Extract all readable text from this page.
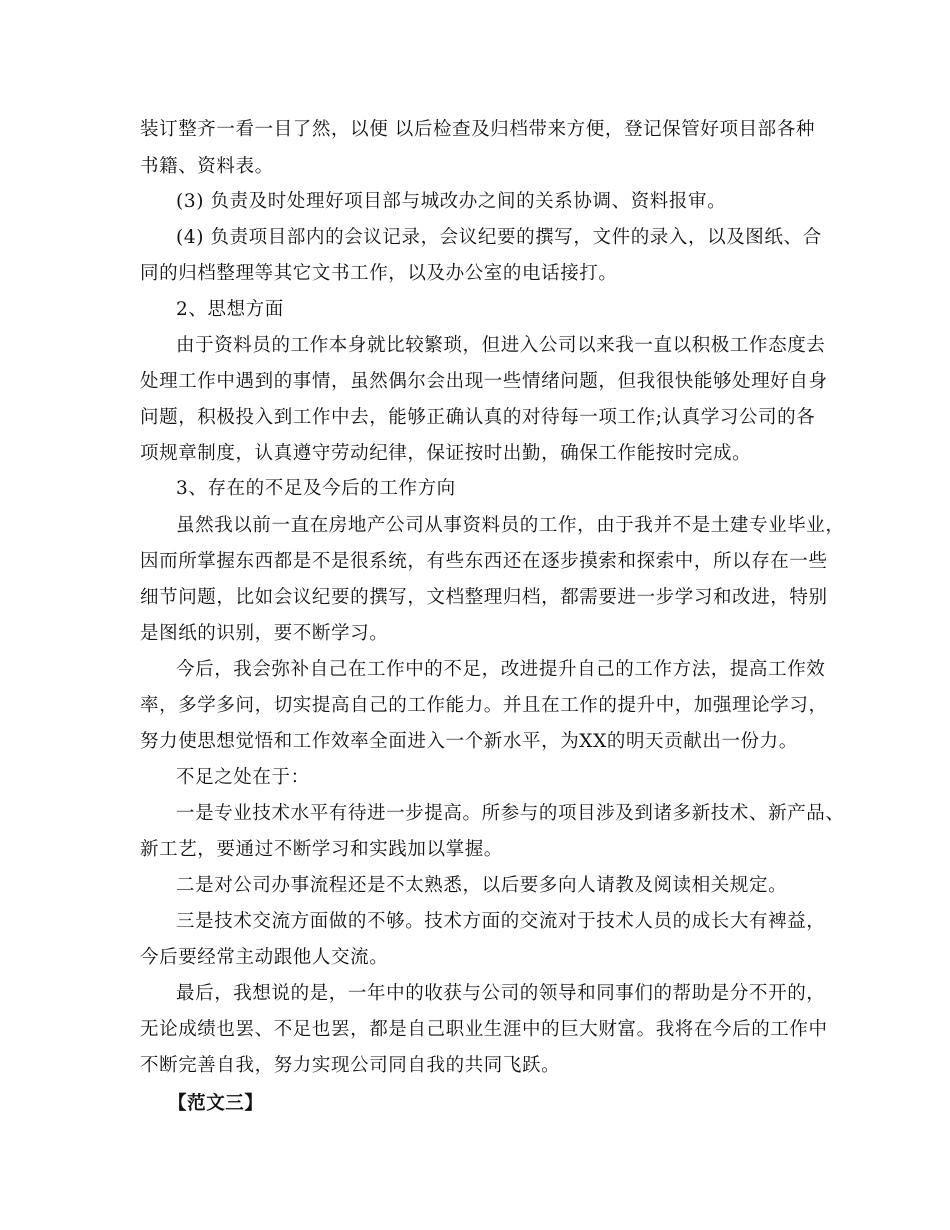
装订整齐一看一目了然，以便 以后检查及归档带来方便，登记保管好项目部各种

书籍、资料表。

(3) 负责及时处理好项目部与城改办之间的关系协调、资料报审。

(4) 负责项目部内的会议记录，会议纪要的撰写，文件的录入，以及图纸、合

同的归档整理等其它文书工作，以及办公室的电话接打。

2、思想方面

由于资料员的工作本身就比较繁琐，但进入公司以来我一直以积极工作态度去

处理工作中遇到的事情，虽然偶尔会出现一些情绪问题，但我很快能够处理好自身

问题，积极投入到工作中去，能够正确认真的对待每一项工作;认真学习公司的各

项规章制度，认真遵守劳动纪律，保证按时出勤，确保工作能按时完成。

3、存在的不足及今后的工作方向

虽然我以前一直在房地产公司从事资料员的工作，由于我并不是土建专业毕业，

因而所掌握东西都是不是很系统，有些东西还在逐步摸索和探索中，所以存在一些

细节问题，比如会议纪要的撰写，文档整理归档，都需要进一步学习和改进，特别

是图纸的识别，要不断学习。

今后，我会弥补自己在工作中的不足，改进提升自己的工作方法，提高工作效

率，多学多问，切实提高自己的工作能力。并且在工作的提升中，加强理论学习，

努力使思想觉悟和工作效率全面进入一个新水平，为XX的明天贡献出一份力。

不足之处在于：

一是专业技术水平有待进一步提高。所参与的项目涉及到诸多新技术、新产品、

新工艺，要通过不断学习和实践加以掌握。

二是对公司办事流程还是不太熟悉，以后要多向人请教及阅读相关规定。

三是技术交流方面做的不够。技术方面的交流对于技术人员的成长大有裨益，

今后要经常主动跟他人交流。

最后，我想说的是，一年中的收获与公司的领导和同事们的帮助是分不开的，

无论成绩也罢、不足也罢，都是自己职业生涯中的巨大财富。我将在今后的工作中

不断完善自我，努力实现公司同自我的共同飞跃。

【范文三】
